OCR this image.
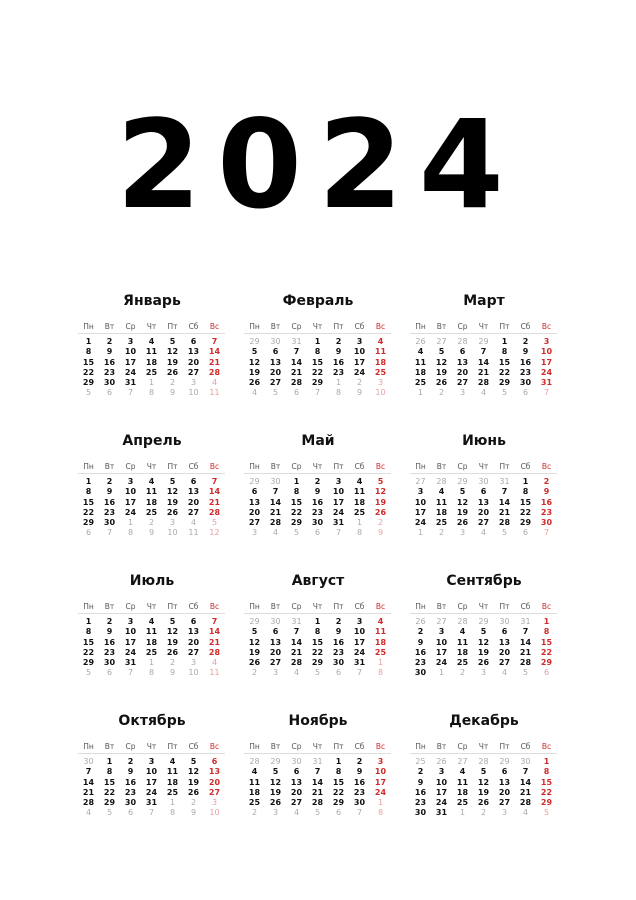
2024
Январь
Пн	Вт	Ср	Чт	Пт	Сб	Вс
1	2	3	4	5	6	7
8	9	10	11	12	13	14
15	16	17	18	19	20	21
22	23	24	25	26	27	28
29	30	31	1	2	3	4
5	6	7	8	9	10	11
Февраль
Пн	Вт	Ср	Чт	Пт	Сб	Вс
29	30	31	1	2	3	4
5	6	7	8	9	10	11
12	13	14	15	16	17	18
19	20	21	22	23	24	25
26	27	28	29	1	2	3
4	5	6	7	8	9	10
Март
Пн	Вт	Ср	Чт	Пт	Сб	Вс
26	27	28	29	1	2	3
4	5	6	7	8	9	10
11	12	13	14	15	16	17
18	19	20	21	22	23	24
25	26	27	28	29	30	31
1	2	3	4	5	6	7
Апрель
Пн	Вт	Ср	Чт	Пт	Сб	Вс
1	2	3	4	5	6	7
8	9	10	11	12	13	14
15	16	17	18	19	20	21
22	23	24	25	26	27	28
29	30	1	2	3	4	5
6	7	8	9	10	11	12
Май
Пн	Вт	Ср	Чт	Пт	Сб	Вс
29	30	1	2	3	4	5
6	7	8	9	10	11	12
13	14	15	16	17	18	19
20	21	22	23	24	25	26
27	28	29	30	31	1	2
3	4	5	6	7	8	9
Июнь
Пн	Вт	Ср	Чт	Пт	Сб	Вс
27	28	29	30	31	1	2
3	4	5	6	7	8	9
10	11	12	13	14	15	16
17	18	19	20	21	22	23
24	25	26	27	28	29	30
1	2	3	4	5	6	7
Июль
Пн	Вт	Ср	Чт	Пт	Сб	Вс
1	2	3	4	5	6	7
8	9	10	11	12	13	14
15	16	17	18	19	20	21
22	23	24	25	26	27	28
29	30	31	1	2	3	4
5	6	7	8	9	10	11
Август
Пн	Вт	Ср	Чт	Пт	Сб	Вс
29	30	31	1	2	3	4
5	6	7	8	9	10	11
12	13	14	15	16	17	18
19	20	21	22	23	24	25
26	27	28	29	30	31	1
2	3	4	5	6	7	8
Сентябрь
Пн	Вт	Ср	Чт	Пт	Сб	Вс
26	27	28	29	30	31	1
2	3	4	5	6	7	8
9	10	11	12	13	14	15
16	17	18	19	20	21	22
23	24	25	26	27	28	29
30	1	2	3	4	5	6
Октябрь
Пн	Вт	Ср	Чт	Пт	Сб	Вс
30	1	2	3	4	5	6
7	8	9	10	11	12	13
14	15	16	17	18	19	20
21	22	23	24	25	26	27
28	29	30	31	1	2	3
4	5	6	7	8	9	10
Ноябрь
Пн	Вт	Ср	Чт	Пт	Сб	Вс
28	29	30	31	1	2	3
4	5	6	7	8	9	10
11	12	13	14	15	16	17
18	19	20	21	22	23	24
25	26	27	28	29	30	1
2	3	4	5	6	7	8
Декабрь
Пн	Вт	Ср	Чт	Пт	Сб	Вс
25	26	27	28	29	30	1
2	3	4	5	6	7	8
9	10	11	12	13	14	15
16	17	18	19	20	21	22
23	24	25	26	27	28	29
30	31	1	2	3	4	5
